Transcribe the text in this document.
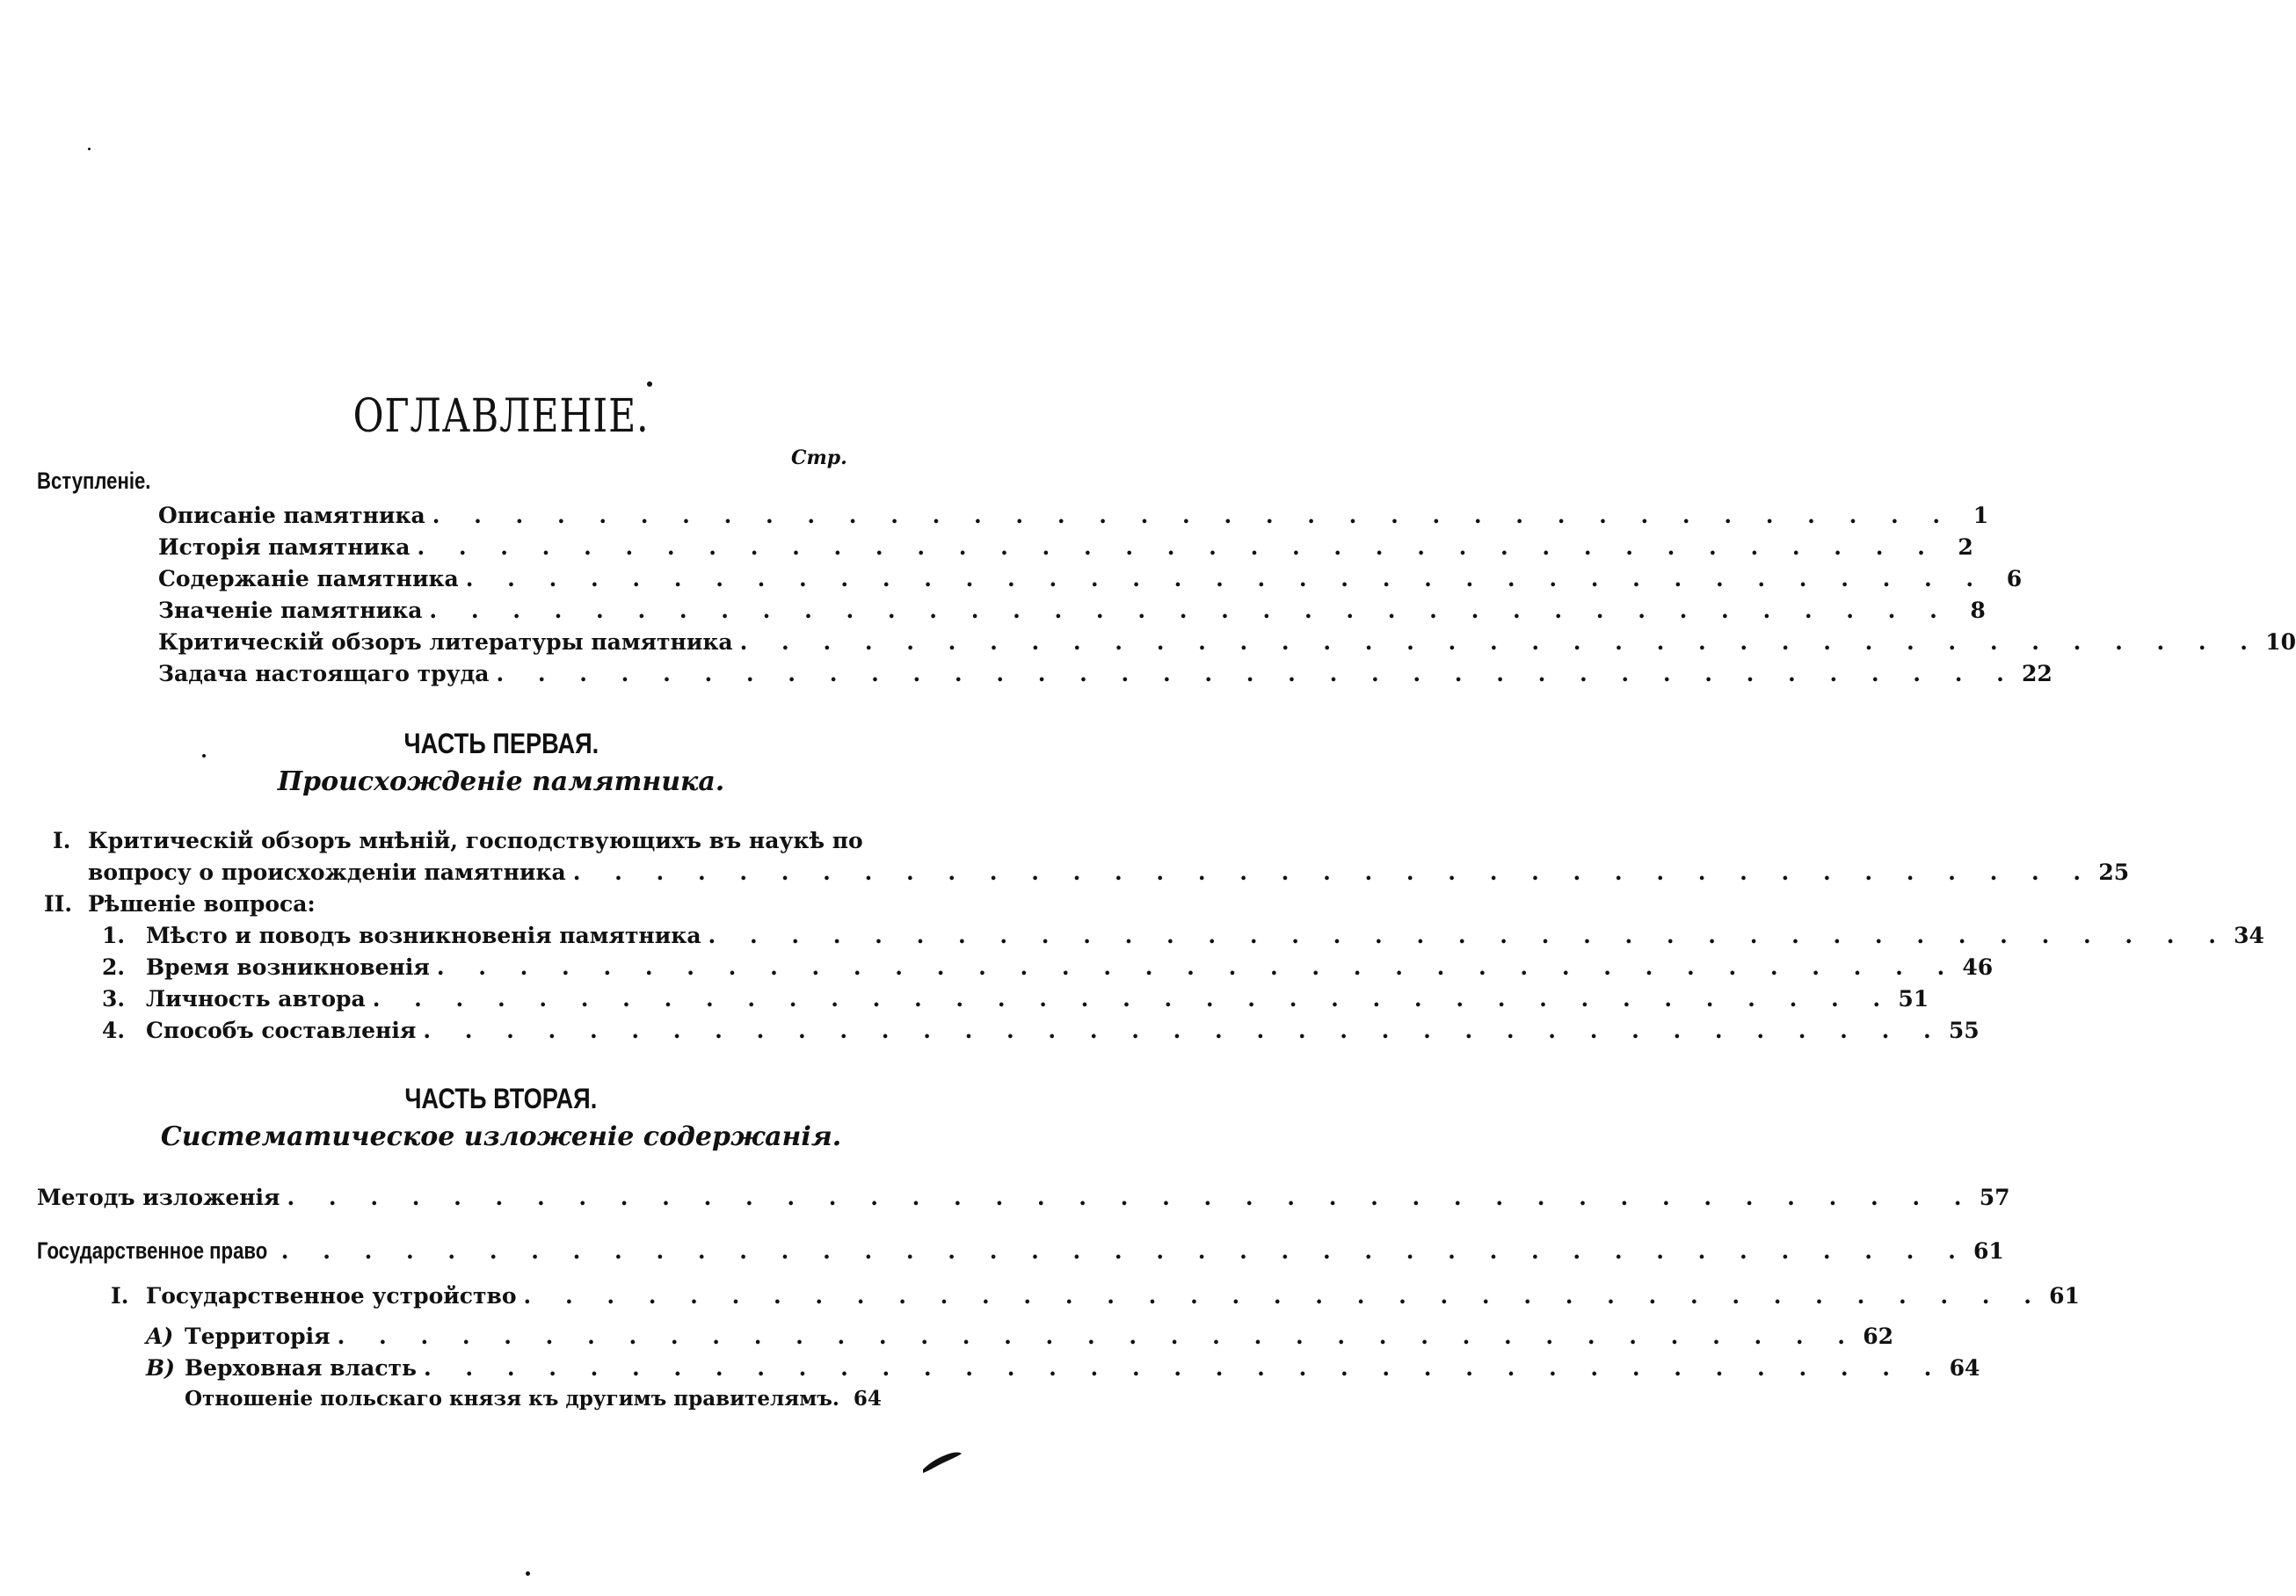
ОГЛАВЛЕНІЕ.
Стр.
Вступленіе.
Описаніе памятника . . . . . . . . . . . . . . . . . . . . . . . . . . . . . . . . . . . . . 1
Исторія памятника . . . . . . . . . . . . . . . . . . . . . . . . . . . . . . . . . . . . . 2
Содержаніе памятника . . . . . . . . . . . . . . . . . . . . . . . . . . . . . . . . . . . . . 6
Значеніе памятника . . . . . . . . . . . . . . . . . . . . . . . . . . . . . . . . . . . . . 8
Критическій обзоръ литературы памятника . . . . . . . . . . . . . . . . . . . . . . . . . . . . . . . . . . . . . 10
Задача настоящаго труда . . . . . . . . . . . . . . . . . . . . . . . . . . . . . . . . . . . . . 22
ЧАСТЬ ПЕРВАЯ.
Происхожденіе памятника.
I. Критическій обзоръ мнѣній, господствующихъ въ наукѣ по
вопросу о происхожденіи памятника . . . . . . . . . . . . . . . . . . . . . . . . . . . . . . . . . . . . . 25
II. Рѣшеніе вопроса:
1. Мѣсто и поводъ возникновенія памятника . . . . . . . . . . . . . . . . . . . . . . . . . . . . . . . . . . . . . 34
2. Время возникновенія . . . . . . . . . . . . . . . . . . . . . . . . . . . . . . . . . . . . . 46
3. Личность автора . . . . . . . . . . . . . . . . . . . . . . . . . . . . . . . . . . . . . 51
4. Способъ составленія . . . . . . . . . . . . . . . . . . . . . . . . . . . . . . . . . . . . . 55
ЧАСТЬ ВТОРАЯ.
Систематическое изложеніе содержанія.
Методъ изложенія . . . . . . . . . . . . . . . . . . . . . . . . . . . . . . . . . . . . . . . . . 57
Государственное право . . . . . . . . . . . . . . . . . . . . . . . . . . . . . . . . . . . . . . . . . 61
I. Государственное устройство . . . . . . . . . . . . . . . . . . . . . . . . . . . . . . . . . . . . . 61
A) Территорія . . . . . . . . . . . . . . . . . . . . . . . . . . . . . . . . . . . . . 62
B) Верховная власть . . . . . . . . . . . . . . . . . . . . . . . . . . . . . . . . . . . . . 64
Отношеніе польскаго князя къ другимъ правителямъ. 64
